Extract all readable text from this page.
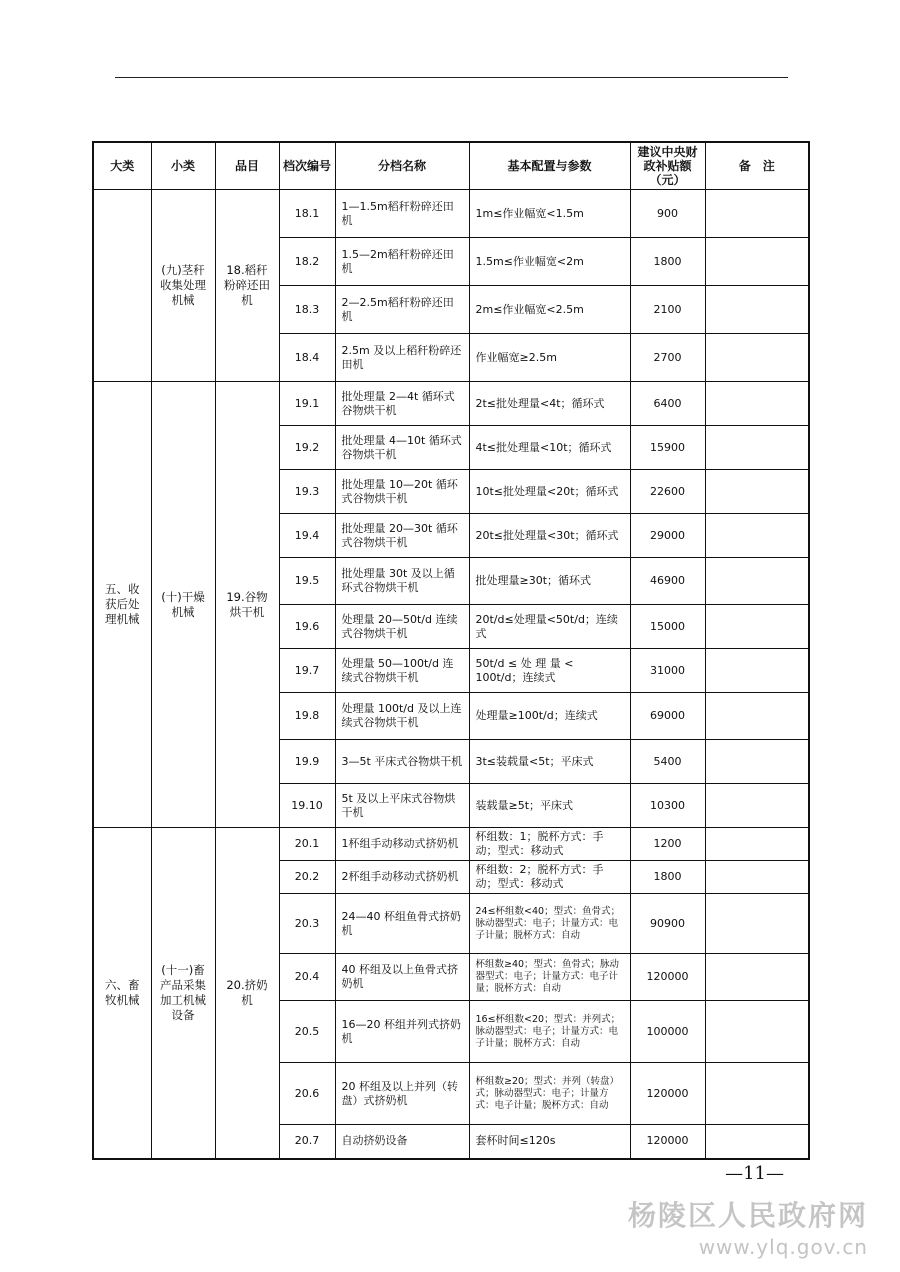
大类	小类	品目	档次编号	分档名称	基本配置与参数	建议中央财政补贴额（元）	备　注
	(九)茎秆收集处理机械	18.稻秆粉碎还田机	18.1	1—1.5m稻秆粉碎还田机	1m≤作业幅宽<1.5m	900	
			18.2	1.5—2m稻秆粉碎还田机	1.5m≤作业幅宽<2m	1800	
			18.3	2—2.5m稻秆粉碎还田机	2m≤作业幅宽<2.5m	2100	
			18.4	2.5m 及以上稻秆粉碎还田机	作业幅宽≥2.5m	2700	
五、收获后处理机械	(十)干燥机械	19.谷物烘干机	19.1	批处理量 2—4t 循环式谷物烘干机	2t≤批处理量<4t；循环式	6400	
			19.2	批处理量 4—10t 循环式谷物烘干机	4t≤批处理量<10t；循环式	15900	
			19.3	批处理量 10—20t 循环式谷物烘干机	10t≤批处理量<20t；循环式	22600	
			19.4	批处理量 20—30t 循环式谷物烘干机	20t≤批处理量<30t；循环式	29000	
			19.5	批处理量 30t 及以上循环式谷物烘干机	批处理量≥30t；循环式	46900	
			19.6	处理量 20—50t/d 连续式谷物烘干机	20t/d≤处理量<50t/d；连续式	15000	
			19.7	处理量 50—100t/d 连续式谷物烘干机	50t/d ≤ 处 理 量 < 100t/d；连续式	31000	
			19.8	处理量 100t/d 及以上连续式谷物烘干机	处理量≥100t/d；连续式	69000	
			19.9	3—5t 平床式谷物烘干机	3t≤装载量<5t；平床式	5400	
			19.10	5t 及以上平床式谷物烘干机	装载量≥5t；平床式	10300	
六、畜牧机械	(十一)畜产品采集加工机械设备	20.挤奶机	20.1	1杯组手动移动式挤奶机	杯组数：1；脱杯方式：手动；型式：移动式	1200	
			20.2	2杯组手动移动式挤奶机	杯组数：2；脱杯方式：手动；型式：移动式	1800	
			20.3	24—40 杯组鱼骨式挤奶机	24≤杯组数<40；型式：鱼骨式；脉动器型式：电子；计量方式：电子计量；脱杯方式：自动	90900	
			20.4	40 杯组及以上鱼骨式挤奶机	杯组数≥40；型式：鱼骨式；脉动器型式：电子；计量方式：电子计量；脱杯方式：自动	120000	
			20.5	16—20 杯组并列式挤奶机	16≤杯组数<20；型式：并列式；脉动器型式：电子；计量方式：电子计量；脱杯方式：自动	100000	
			20.6	20 杯组及以上并列（转盘）式挤奶机	杯组数≥20；型式：并列（转盘）式；脉动器型式：电子；计量方式：电子计量；脱杯方式：自动	120000	
			20.7	自动挤奶设备	套杯时间≤120s	120000	
—11—
杨陵区人民政府网
www.ylq.gov.cn
